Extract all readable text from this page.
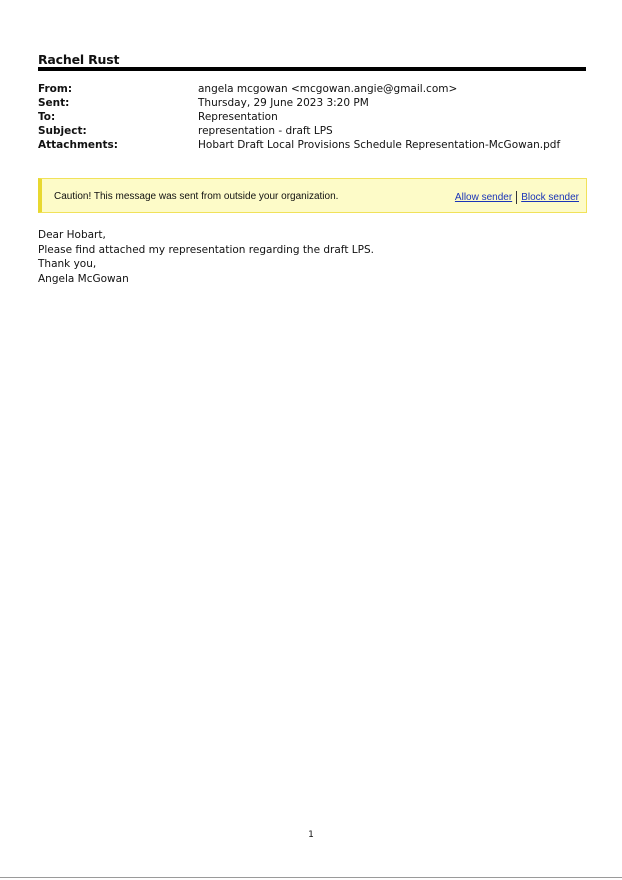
Rachel Rust
From:	angela mcgowan <mcgowan.angie@gmail.com>
Sent:	Thursday, 29 June 2023 3:20 PM
To:	Representation
Subject:	representation - draft LPS
Attachments:	Hobart Draft Local Provisions Schedule Representation-McGowan.pdf
Caution! This message was sent from outside your organization.	Allow sender Block sender
Dear Hobart,
Please find attached my representation regarding the draft LPS.
Thank you,
Angela McGowan
1
